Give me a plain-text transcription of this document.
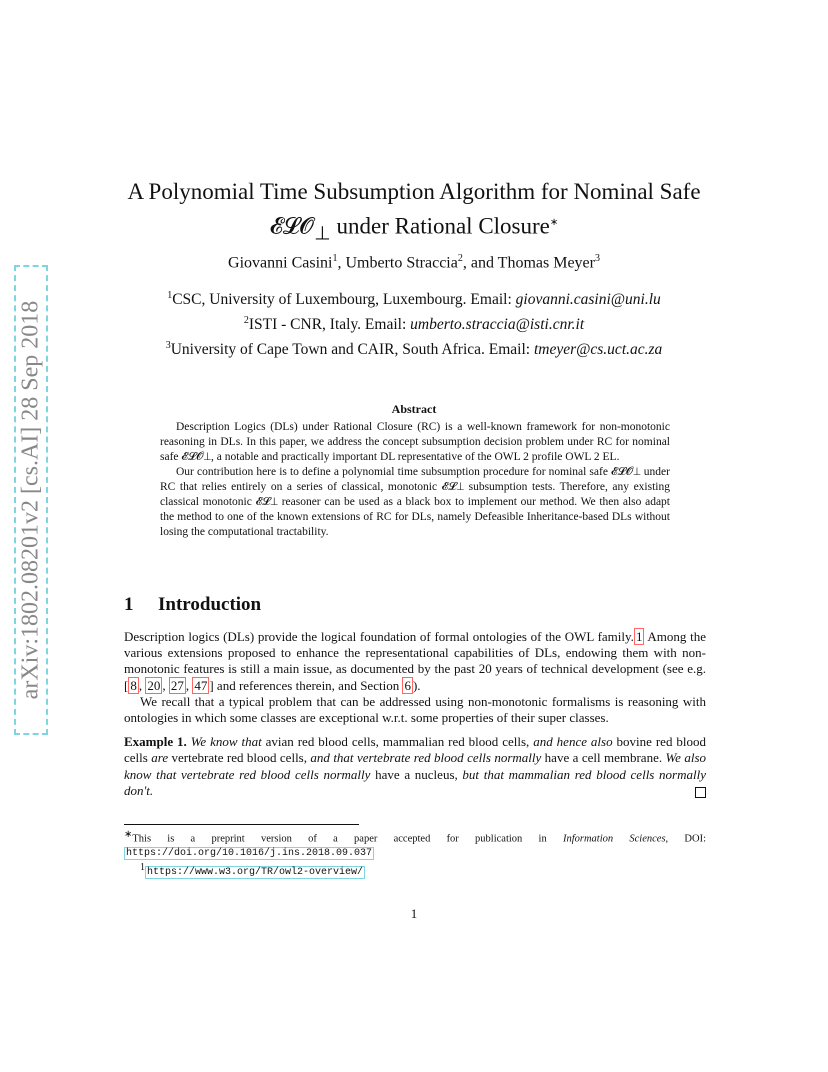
arXiv:1802.08201v2 [cs.AI] 28 Sep 2018
A Polynomial Time Subsumption Algorithm for Nominal Safe
𝓔𝓛𝓞$_\perp$ under Rational Closure∗
Giovanni Casini$^1$, Umberto Straccia$^2$, and Thomas Meyer$^3$
$^1$CSC, University of Luxembourg, Luxembourg. Email: giovanni.casini@uni.lu
$^2$ISTI - CNR, Italy. Email: umberto.straccia@isti.cnr.it
$^3$University of Cape Town and CAIR, South Africa. Email: tmeyer@cs.uct.ac.za
Abstract

Description Logics (DLs) under Rational Closure (RC) is a well-known framework for non-monotonic reasoning in DLs. In this paper, we address the concept subsumption decision problem under RC for nominal safe 𝓔𝓛𝓞⊥, a notable and practically important DL representative of the OWL 2 profile OWL 2 EL.

Our contribution here is to define a polynomial time subsumption procedure for nominal safe 𝓔𝓛𝓞⊥ under RC that relies entirely on a series of classical, monotonic 𝓔𝓛⊥ subsumption tests. Therefore, any existing classical monotonic 𝓔𝓛⊥ reasoner can be used as a black box to implement our method. We then also adapt the method to one of the known extensions of RC for DLs, namely Defeasible Inheritance-based DLs without losing the computational tractability.

1 Introduction

Description logics (DLs) provide the logical foundation of formal ontologies of the OWL family. 1 Among the various extensions proposed to enhance the representational capabilities of DLs, endowing them with non-monotonic features is still a main issue, as documented by the past 20 years of technical development (see e.g. [ 8 , 20 , 27 , 47 ] and references therein, and Section 6 ).

We recall that a typical problem that can be addressed using non-monotonic formalisms is reasoning with ontologies in which some classes are exceptional w.r.t. some properties of their super classes.

Example 1. We know that avian red blood cells, mammalian red blood cells, and hence also bovine red blood cells are vertebrate red blood cells, and that vertebrate red blood cells normally have a cell membrane. We also know that vertebrate red blood cells normally have a nucleus, but that mammalian red blood cells normally don't.

∗This is a preprint version of a paper accepted for publication in Information Sciences, DOI: https://doi.org/10.1016/j.ins.2018.09.037

$^1$ https://www.w3.org/TR/owl2-overview/

1
